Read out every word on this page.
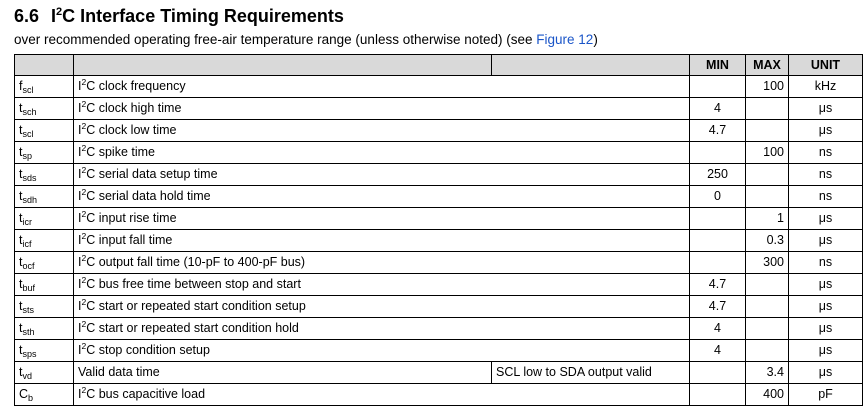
6.6 $I^2C$ Interface Timing Requirements
over recommended operating free-air temperature range (unless otherwise noted) (see Figure 12)
			MIN	MAX	UNIT
$f_{scl}$	$I^2C$ clock frequency			100	kHz
$t_{sch}$	$I^2C$ clock high time		4		μs
$t_{scl}$	$I^2C$ clock low time		4.7		μs
$t_{sp}$	$I^2C$ spike time			100	ns
$t_{sds}$	$I^2C$ serial data setup time		250		ns
$t_{sdh}$	$I^2C$ serial data hold time		0		ns
$t_{icr}$	$I^2C$ input rise time			1	μs
$t_{icf}$	$I^2C$ input fall time			0.3	μs
$t_{ocf}$	$I^2C$ output fall time (10-pF to 400-pF bus)			300	ns
$t_{buf}$	$I^2C$ bus free time between stop and start		4.7		μs
$t_{sts}$	$I^2C$ start or repeated start condition setup		4.7		μs
$t_{sth}$	$I^2C$ start or repeated start condition hold		4		μs
$t_{sps}$	$I^2C$ stop condition setup		4		μs
$t_{vd}$	Valid data time	SCL low to SDA output valid		3.4	μs
$C_b$	$I^2C$ bus capacitive load			400	pF
